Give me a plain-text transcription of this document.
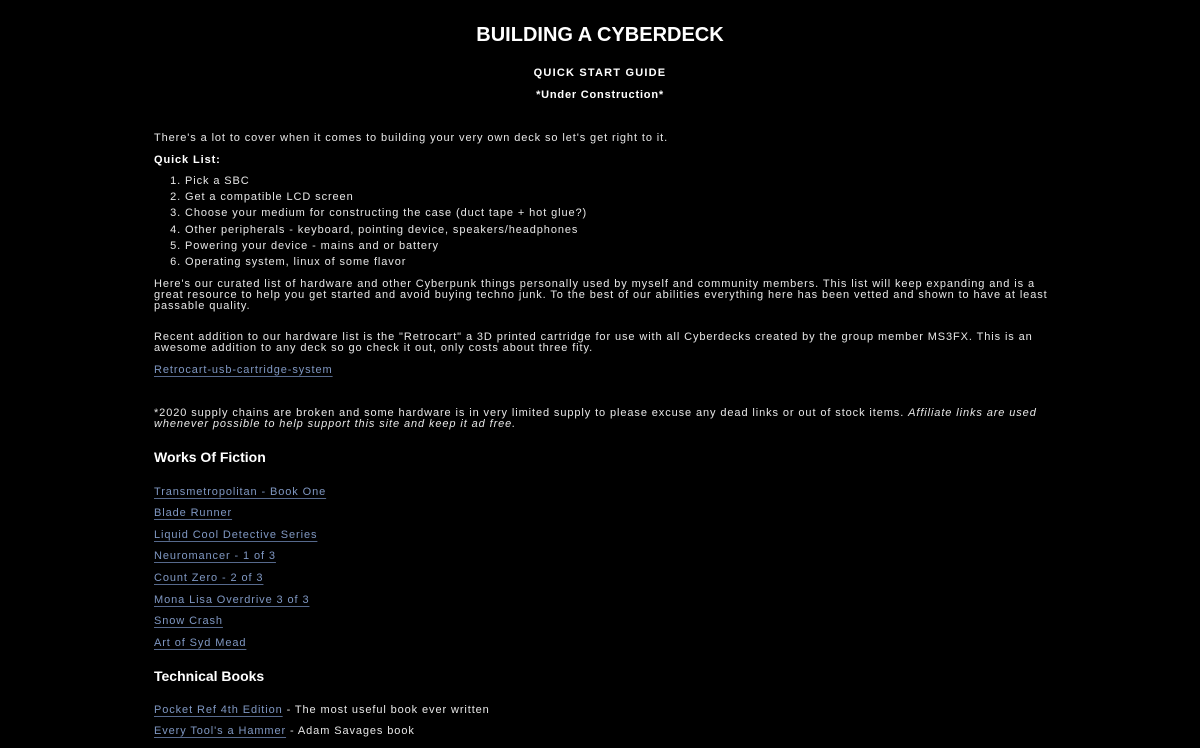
BUILDING A CYBERDECK
QUICK START GUIDE
*Under Construction*
There's a lot to cover when it comes to building your very own deck so let's get right to it.
Quick List:
1. Pick a SBC
2. Get a compatible LCD screen
3. Choose your medium for constructing the case (duct tape + hot glue?)
4. Other peripherals - keyboard, pointing device, speakers/headphones
5. Powering your device - mains and or battery
6. Operating system, linux of some flavor
Here's our curated list of hardware and other Cyberpunk things personally used by myself and community members. This list will keep expanding and is a great resource to help you get started and avoid buying techno junk. To the best of our abilities everything here has been vetted and shown to have at least passable quality.
Recent addition to our hardware list is the "Retrocart" a 3D printed cartridge for use with all Cyberdecks created by the group member MS3FX. This is an awesome addition to any deck so go check it out, only costs about three fity.
Retrocart-usb-cartridge-system
*2020 supply chains are broken and some hardware is in very limited supply to please excuse any dead links or out of stock items. Affiliate links are used whenever possible to help support this site and keep it ad free.
Works Of Fiction
Transmetropolitan - Book One
Blade Runner
Liquid Cool Detective Series
Neuromancer - 1 of 3
Count Zero - 2 of 3
Mona Lisa Overdrive 3 of 3
Snow Crash
Art of Syd Mead
Technical Books
Pocket Ref 4th Edition - The most useful book ever written
Every Tool's a Hammer - Adam Savages book
